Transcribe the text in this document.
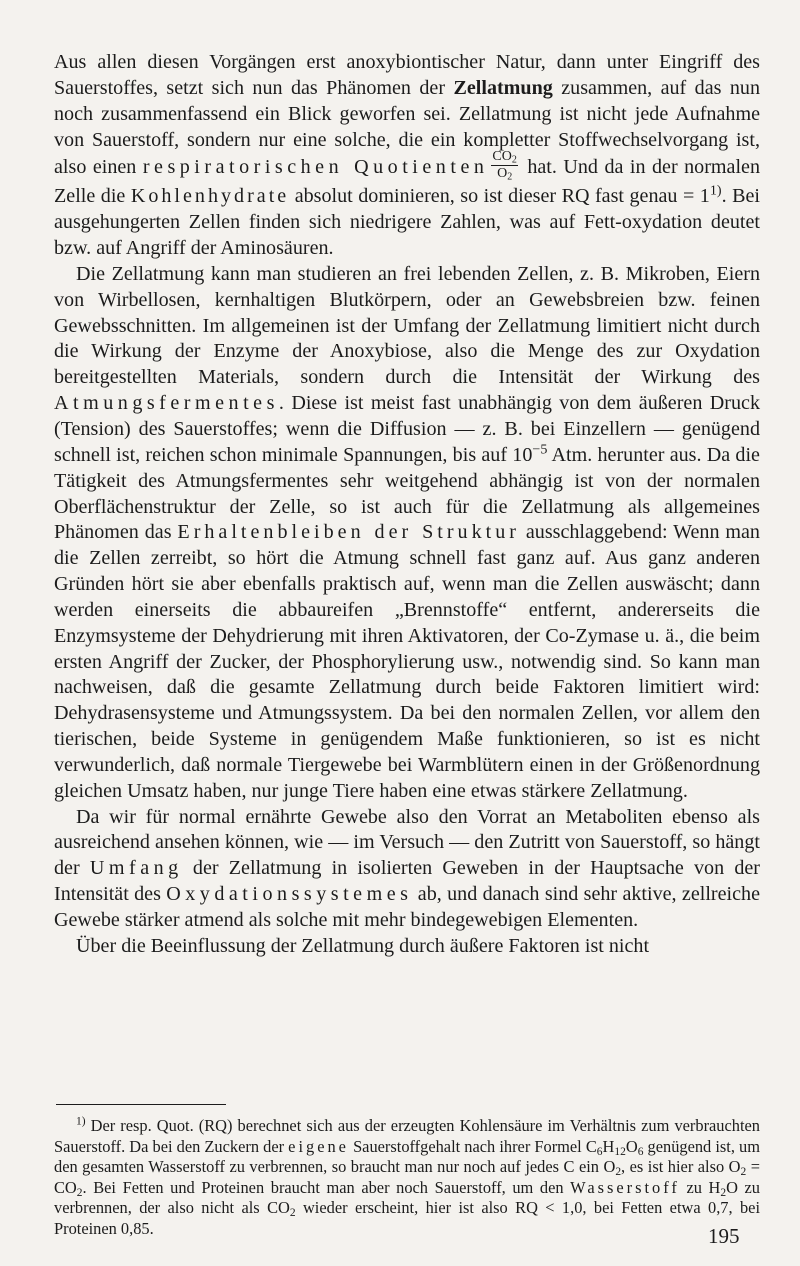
Aus allen diesen Vorgängen erst anoxybiontischer Natur, dann unter Eingriff des Sauerstoffes, setzt sich nun das Phänomen der Zellatmung zusammen, auf das nun noch zusammenfassend ein Blick geworfen sei. Zellatmung ist nicht jede Aufnahme von Sauerstoff, sondern nur eine solche, die ein kompletter Stoffwechselvorgang ist, also einen respiratorischen Quotienten $\frac{CO_2}{O_2}$ hat. Und da in der normalen Zelle die Kohlenhydrate absolut dominieren, so ist dieser RQ fast genau = $1^{1)}$. Bei ausgehungerten Zellen finden sich niedrigere Zahlen, was auf Fett-oxydation deutet bzw. auf Angriff der Aminosäuren.

Die Zellatmung kann man studieren an frei lebenden Zellen, z. B. Mikroben, Eiern von Wirbellosen, kernhaltigen Blutkörpern, oder an Gewebsbreien bzw. feinen Gewebsschnitten. Im allgemeinen ist der Umfang der Zellatmung limitiert nicht durch die Wirkung der Enzyme der Anoxybiose, also die Menge des zur Oxydation bereitgestellten Materials, sondern durch die Intensität der Wirkung des Atmungsfermentes. Diese ist meist fast unabhängig von dem äußeren Druck (Tension) des Sauerstoffes; wenn die Diffusion — z. B. bei Einzellern — genügend schnell ist, reichen schon minimale Spannungen, bis auf $10^{-5}$ Atm. herunter aus. Da die Tätigkeit des Atmungsfermentes sehr weitgehend abhängig ist von der normalen Oberflächenstruktur der Zelle, so ist auch für die Zellatmung als allgemeines Phänomen das Erhaltenbleiben der Struktur ausschlaggebend: Wenn man die Zellen zerreibt, so hört die Atmung schnell fast ganz auf. Aus ganz anderen Gründen hört sie aber ebenfalls praktisch auf, wenn man die Zellen auswäscht; dann werden einerseits die abbaureifen „Brennstoffe“ entfernt, andererseits die Enzymsysteme der Dehydrierung mit ihren Aktivatoren, der Co-Zymase u. ä., die beim ersten Angriff der Zucker, der Phosphorylierung usw., notwendig sind. So kann man nachweisen, daß die gesamte Zellatmung durch beide Faktoren limitiert wird: Dehydrasensysteme und Atmungssystem. Da bei den normalen Zellen, vor allem den tierischen, beide Systeme in genügendem Maße funktionieren, so ist es nicht verwunderlich, daß normale Tiergewebe bei Warmblütern einen in der Größenordnung gleichen Umsatz haben, nur junge Tiere haben eine etwas stärkere Zellatmung.

Da wir für normal ernährte Gewebe also den Vorrat an Metaboliten ebenso als ausreichend ansehen können, wie — im Versuch — den Zutritt von Sauerstoff, so hängt der Umfang der Zellatmung in isolierten Geweben in der Hauptsache von der Intensität des Oxydationssystemes ab, und danach sind sehr aktive, zellreiche Gewebe stärker atmend als solche mit mehr bindegewebigen Elementen.

Über die Beeinflussung der Zellatmung durch äußere Faktoren ist nicht

$^{1)}$ Der resp. Quot. (RQ) berechnet sich aus der erzeugten Kohlensäure im Verhältnis zum verbrauchten Sauerstoff. Da bei den Zuckern der eigene Sauerstoffgehalt nach ihrer Formel $C_6H_{12}O_6$ genügend ist, um den gesamten Wasserstoff zu verbrennen, so braucht man nur noch auf jedes C ein $O_2$, es ist hier also $O_2 = CO_2$. Bei Fetten und Proteinen braucht man aber noch Sauerstoff, um den Wasserstoff zu $H_2O$ zu verbrennen, der also nicht als $CO_2$ wieder erscheint, hier ist also RQ < 1,0, bei Fetten etwa 0,7, bei Proteinen 0,85.	195
